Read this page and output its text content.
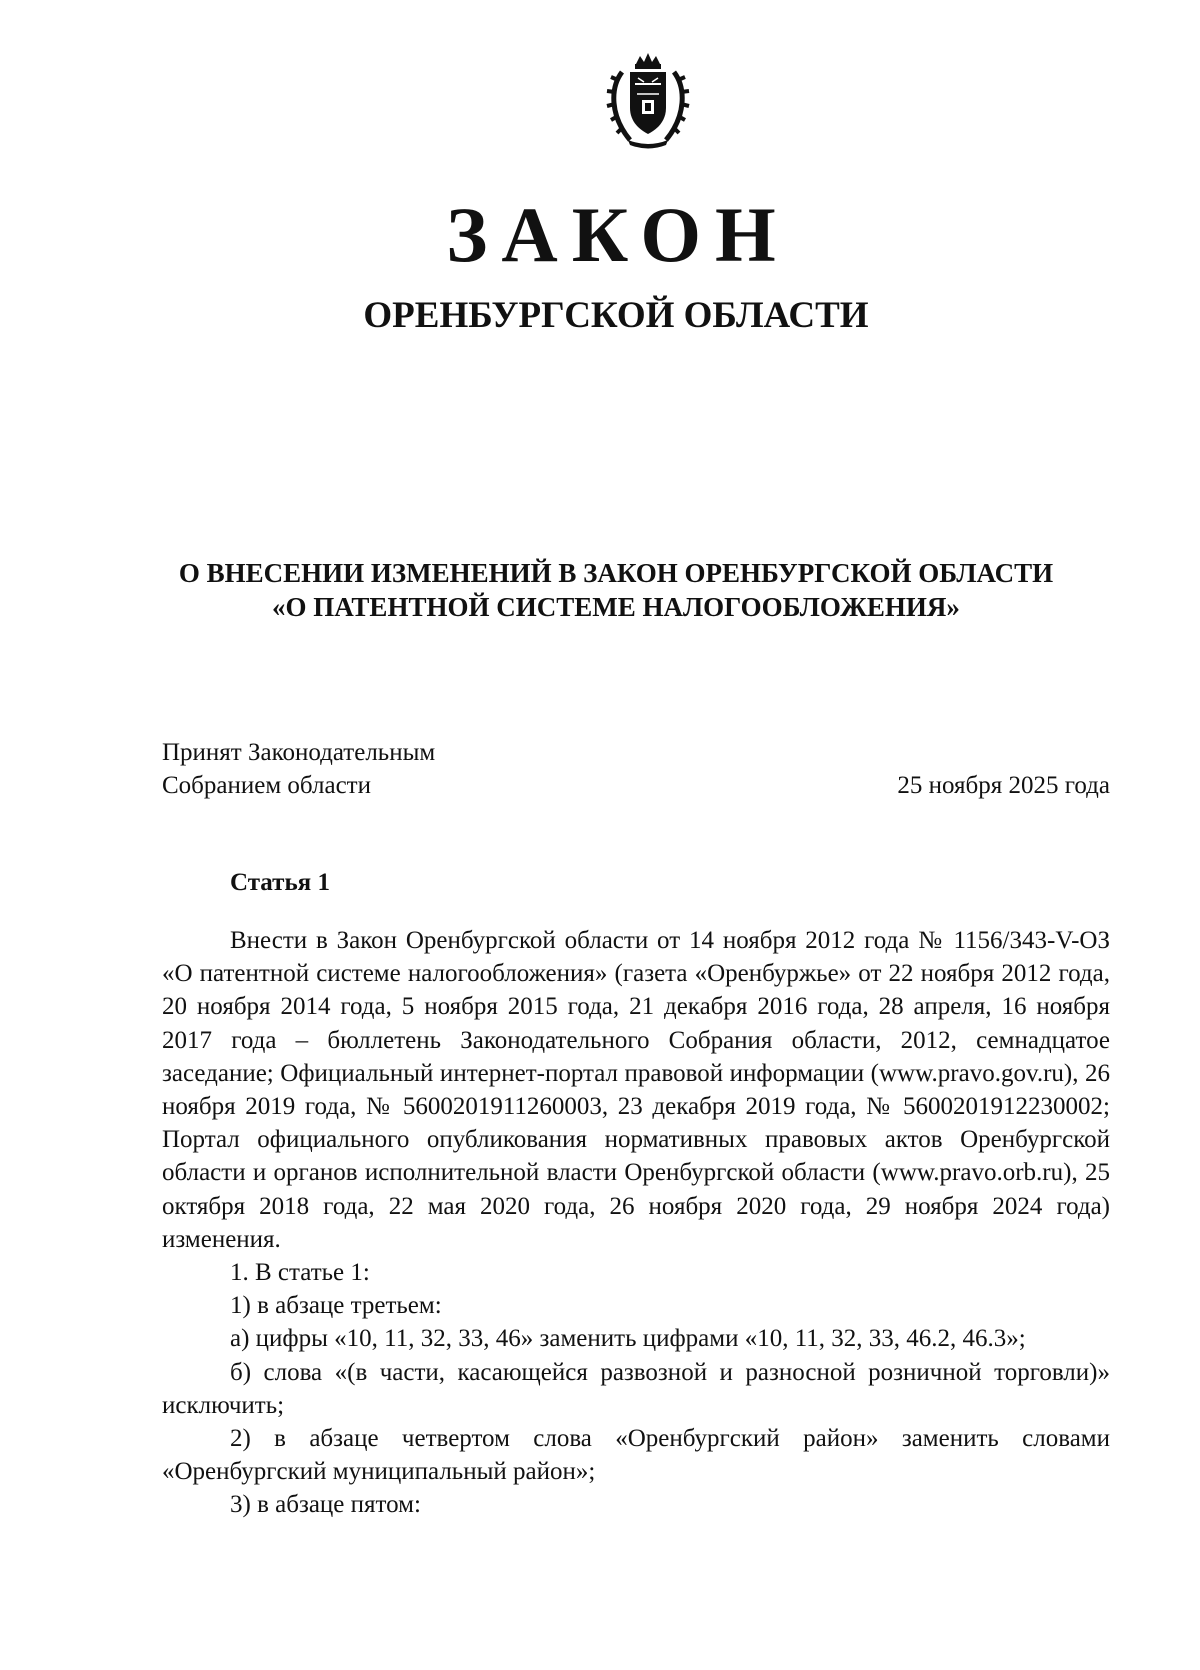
ЗАКОН
ОРЕНБУРГСКОЙ ОБЛАСТИ
О ВНЕСЕНИИ ИЗМЕНЕНИЙ В ЗАКОН ОРЕНБУРГСКОЙ ОБЛАСТИ
«О ПАТЕНТНОЙ СИСТЕМЕ НАЛОГООБЛОЖЕНИЯ»
Принят Законодательным
Собранием области	25 ноября 2025 года
Статья 1

Внести в Закон Оренбургской области от 14 ноября 2012 года № 1156/343-V-ОЗ «О патентной системе налогообложения» (газета «Оренбуржье» от 22 ноября 2012 года, 20 ноября 2014 года, 5 ноября 2015 года, 21 декабря 2016 года, 28 апреля, 16 ноября 2017 года – бюллетень Законодательного Собрания области, 2012, семнадцатое заседание; Официальный интернет-портал правовой информации (www.pravo.gov.ru), 26 ноября 2019 года, № 5600201911260003, 23 декабря 2019 года, № 5600201912230002; Портал официального опубликования нормативных правовых актов Оренбургской области и органов исполнительной власти Оренбургской области (www.pravo.orb.ru), 25 октября 2018 года, 22 мая 2020 года, 26 ноября 2020 года, 29 ноября 2024 года) изменения.

1. В статье 1:

1) в абзаце третьем:

а) цифры «10, 11, 32, 33, 46» заменить цифрами «10, 11, 32, 33, 46.2, 46.3»;

б) слова «(в части, касающейся развозной и разносной розничной торговли)» исключить;

2) в абзаце четвертом слова «Оренбургский район» заменить словами «Оренбургский муниципальный район»;

3) в абзаце пятом:
